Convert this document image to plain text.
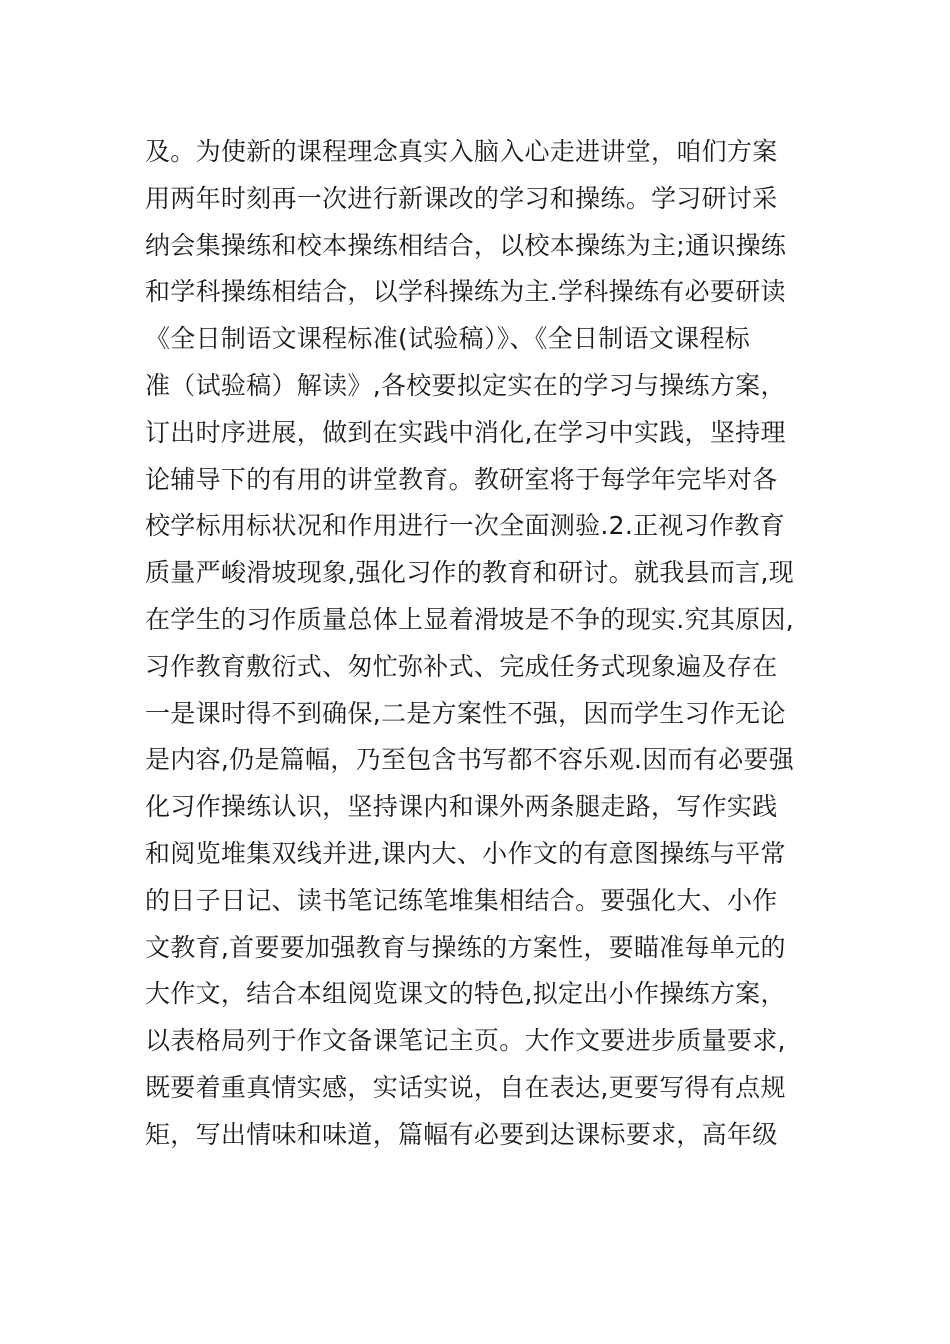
及。为使新的课程理念真实入脑入心走进讲堂，咱们方案
用两年时刻再一次进行新课改的学习和操练。学习研讨采
纳会集操练和校本操练相结合，以校本操练为主;通识操练
和学科操练相结合，以学科操练为主.学科操练有必要研读
《全日制语文课程标准(试验稿）》、《全日制语文课程标
准（试验稿）解读》,各校要拟定实在的学习与操练方案，
订出时序进展，做到在实践中消化,在学习中实践，坚持理
论辅导下的有用的讲堂教育。教研室将于每学年完毕对各
校学标用标状况和作用进行一次全面测验.2.正视习作教育
质量严峻滑坡现象,强化习作的教育和研讨。就我县而言,现
在学生的习作质量总体上显着滑坡是不争的现实.究其原因,
习作教育敷衍式、匆忙弥补式、完成任务式现象遍及存在
一是课时得不到确保,二是方案性不强，因而学生习作无论
是内容,仍是篇幅，乃至包含书写都不容乐观.因而有必要强
化习作操练认识，坚持课内和课外两条腿走路，写作实践
和阅览堆集双线并进,课内大、小作文的有意图操练与平常
的日子日记、读书笔记练笔堆集相结合。要强化大、小作
文教育,首要要加强教育与操练的方案性，要瞄准每单元的
大作文，结合本组阅览课文的特色,拟定出小作操练方案，
以表格局列于作文备课笔记主页。大作文要进步质量要求,
既要着重真情实感，实话实说，自在表达,更要写得有点规
矩，写出情味和味道，篇幅有必要到达课标要求，高年级
